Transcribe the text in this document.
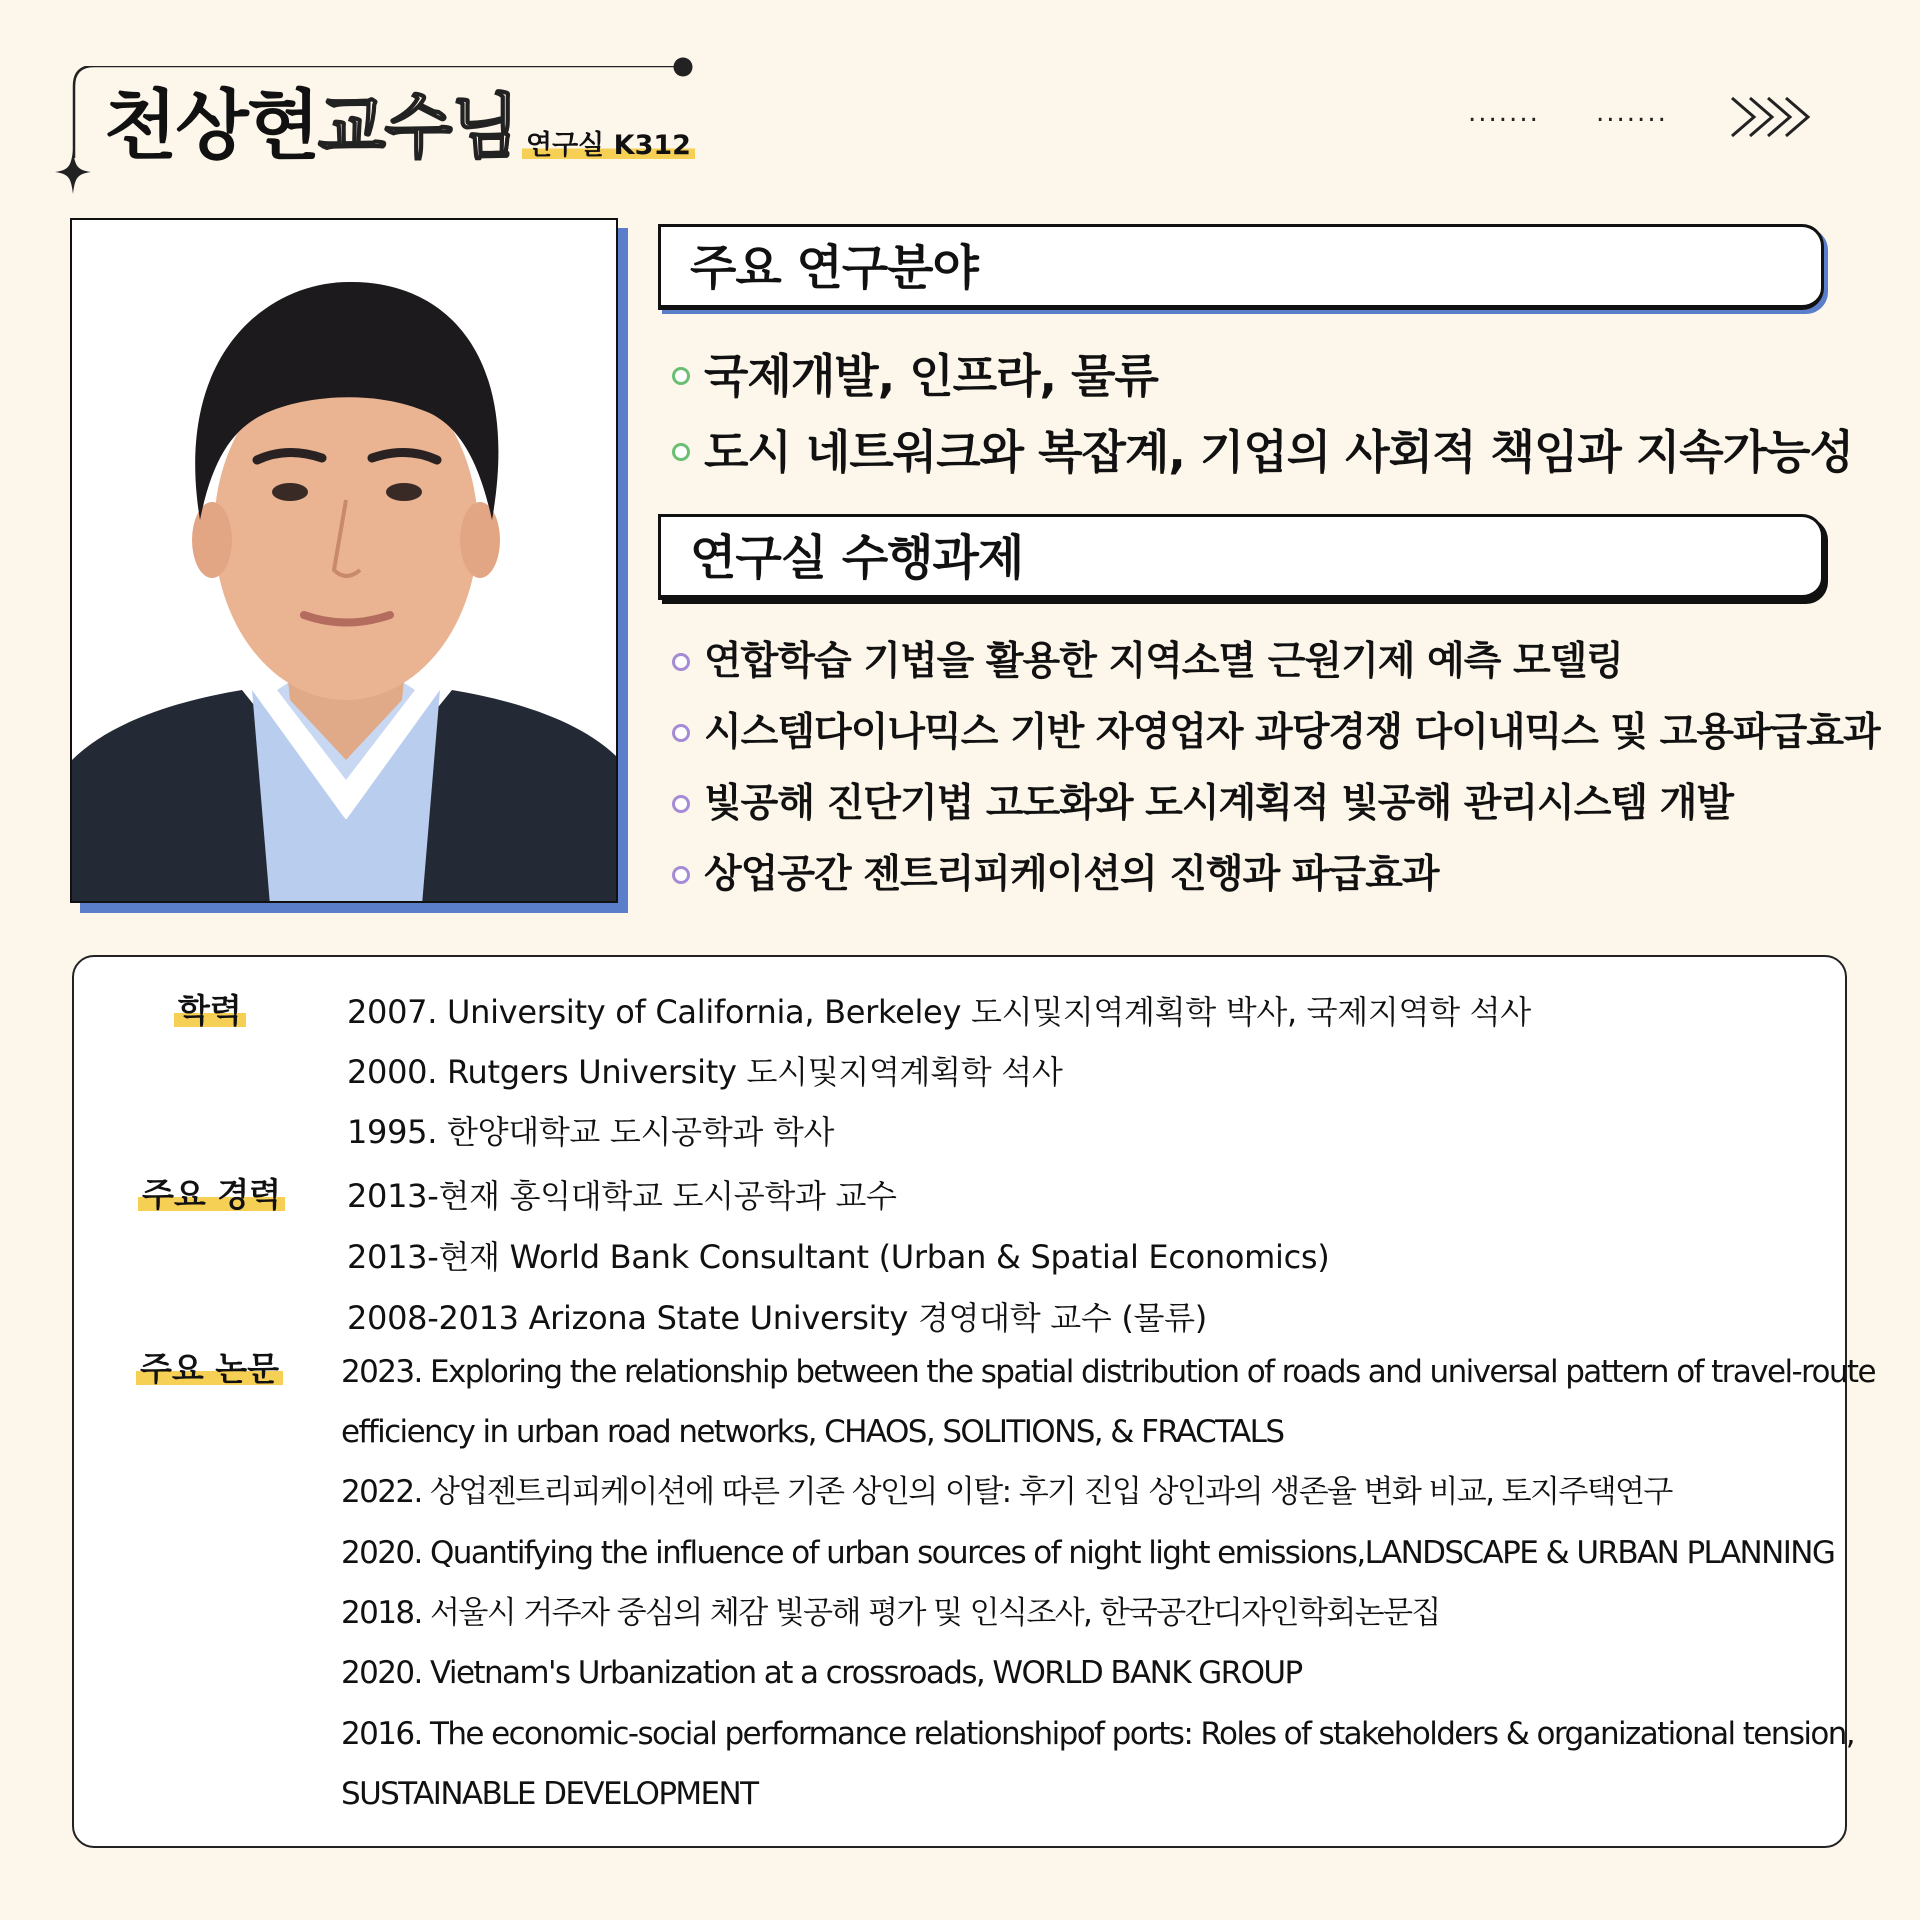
천상현 교수님 연구실 K312
....... .......
주요 연구분야
국제개발, 인프라, 물류
도시 네트워크와 복잡계, 기업의 사회적 책임과 지속가능성
연구실 수행과제
연합학습 기법을 활용한 지역소멸 근원기제 예측 모델링
시스템다이나믹스 기반 자영업자 과당경쟁 다이내믹스 및 고용파급효과
빛공해 진단기법 고도화와 도시계획적 빛공해 관리시스템 개발
상업공간 젠트리피케이션의 진행과 파급효과
학력	2007. University of California, Berkeley 도시및지역계획학 박사, 국제지역학 석사
2000. Rutgers University 도시및지역계획학 석사
1995. 한양대학교 도시공학과 학사
주요 경력 2013-현재 홍익대학교 도시공학과 교수
2013-현재 World Bank Consultant (Urban & Spatial Economics)
2008-2013 Arizona State University 경영대학 교수 (물류)
주요 논문 2023. Exploring the relationship between the spatial distribution of roads and universal pattern of travel-route
efficiency in urban road networks, CHAOS, SOLITIONS, & FRACTALS
2022. 상업젠트리피케이션에 따른 기존 상인의 이탈: 후기 진입 상인과의 생존율 변화 비교, 토지주택연구
2020. Quantifying the influence of urban sources of night light emissions,LANDSCAPE & URBAN PLANNING
2018. 서울시 거주자 중심의 체감 빛공해 평가 및 인식조사, 한국공간디자인학회논문집
2020. Vietnam's Urbanization at a crossroads, WORLD BANK GROUP
2016. The economic-social performance relationshipof ports: Roles of stakeholders & organizational tension,
SUSTAINABLE DEVELOPMENT
